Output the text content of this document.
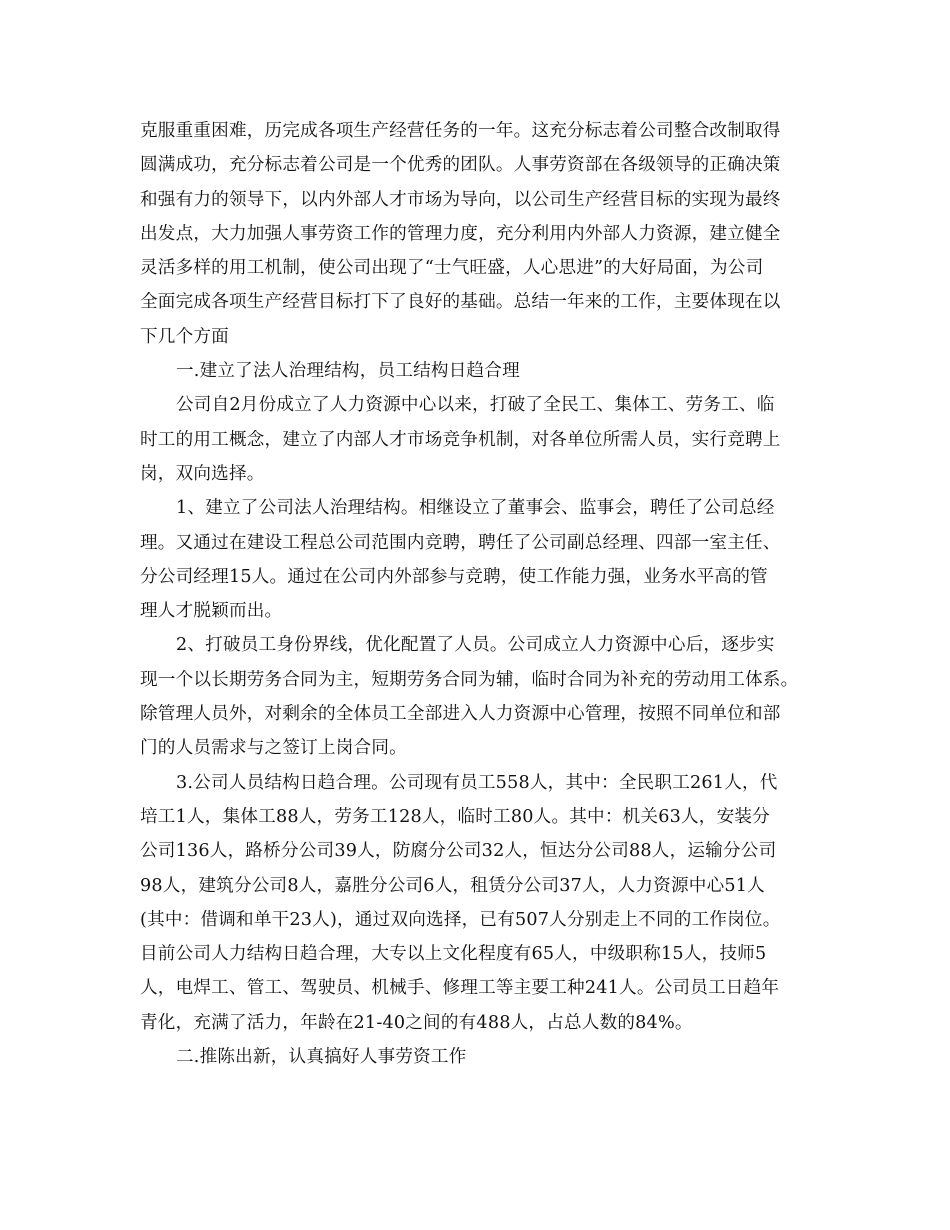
克服重重困难，历完成各项生产经营任务的一年。这充分标志着公司整合改制取得
圆满成功，充分标志着公司是一个优秀的团队。人事劳资部在各级领导的正确决策
和强有力的领导下，以内外部人才市场为导向，以公司生产经营目标的实现为最终
出发点，大力加强人事劳资工作的管理力度，充分利用内外部人力资源，建立健全
灵活多样的用工机制，使公司出现了“士气旺盛，人心思进”的大好局面，为公司
全面完成各项生产经营目标打下了良好的基础。总结一年来的工作，主要体现在以
下几个方面
一.建立了法人治理结构，员工结构日趋合理
公司自2月份成立了人力资源中心以来，打破了全民工、集体工、劳务工、临
时工的用工概念，建立了内部人才市场竞争机制，对各单位所需人员，实行竞聘上
岗，双向选择。
1、建立了公司法人治理结构。相继设立了董事会、监事会，聘任了公司总经
理。又通过在建设工程总公司范围内竞聘，聘任了公司副总经理、四部一室主任、
分公司经理15人。通过在公司内外部参与竞聘，使工作能力强，业务水平高的管
理人才脱颖而出。
2、打破员工身份界线，优化配置了人员。公司成立人力资源中心后，逐步实
现一个以长期劳务合同为主，短期劳务合同为辅，临时合同为补充的劳动用工体系。
除管理人员外，对剩余的全体员工全部进入人力资源中心管理，按照不同单位和部
门的人员需求与之签订上岗合同。
3.公司人员结构日趋合理。公司现有员工558人，其中：全民职工261人，代
培工1人，集体工88人，劳务工128人，临时工80人。其中：机关63人，安装分
公司136人，路桥分公司39人，防腐分公司32人，恒达分公司88人，运输分公司
98人，建筑分公司8人，嘉胜分公司6人，租赁分公司37人，人力资源中心51人
(其中：借调和单干23人)，通过双向选择，已有507人分别走上不同的工作岗位。
目前公司人力结构日趋合理，大专以上文化程度有65人，中级职称15人，技师5
人，电焊工、管工、驾驶员、机械手、修理工等主要工种241人。公司员工日趋年
青化，充满了活力，年龄在21-40之间的有488人，占总人数的84%。
二.推陈出新，认真搞好人事劳资工作
